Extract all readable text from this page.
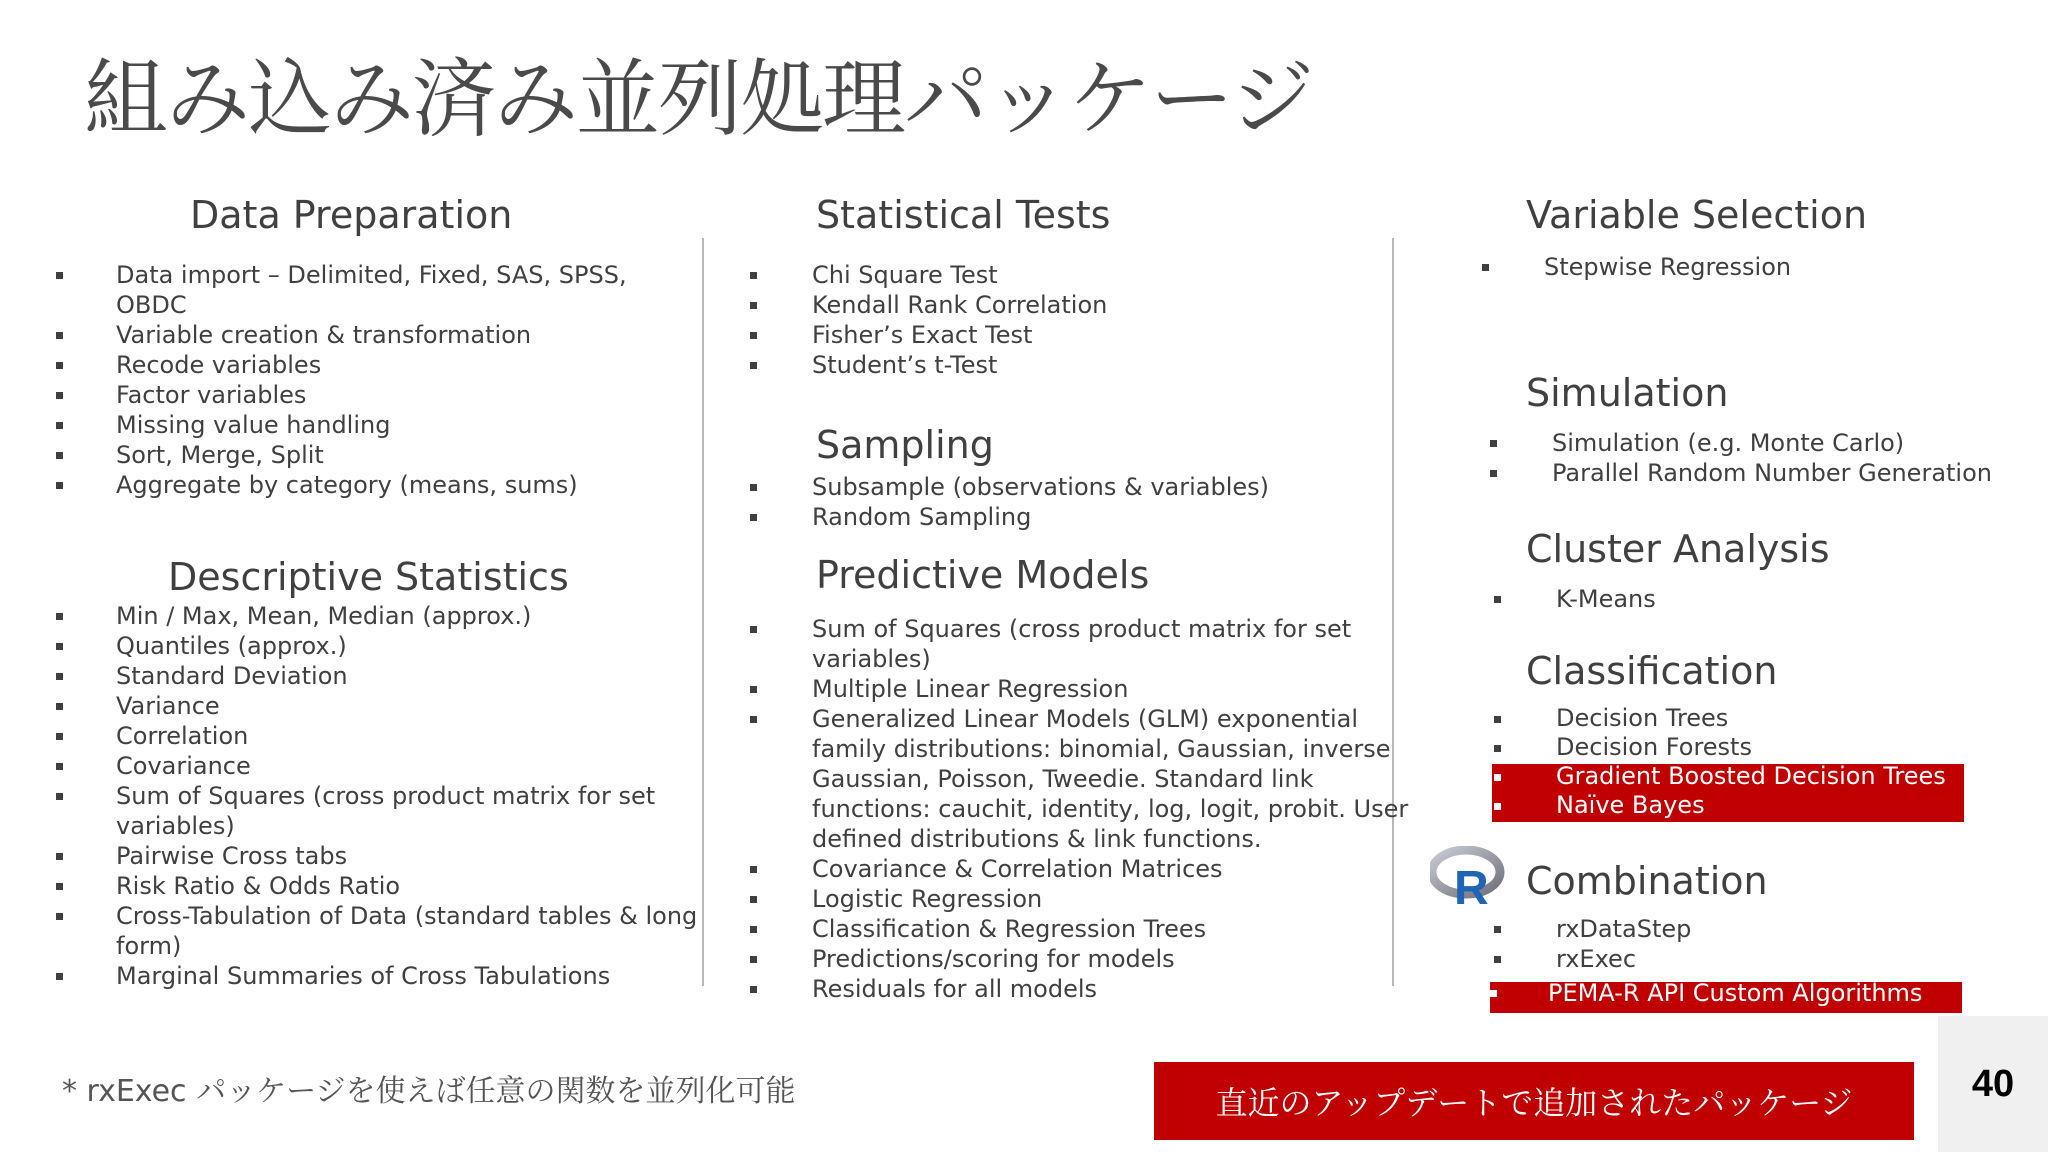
組み込み済み並列処理パッケージ
Data Preparation
Data import – Delimited, Fixed, SAS, SPSS,
OBDC
Variable creation & transformation
Recode variables
Factor variables
Missing value handling
Sort, Merge, Split
Aggregate by category (means, sums)
Descriptive Statistics
Min / Max, Mean, Median (approx.)
Quantiles (approx.)
Standard Deviation
Variance
Correlation
Covariance
Sum of Squares (cross product matrix for set
variables)
Pairwise Cross tabs
Risk Ratio & Odds Ratio
Cross-Tabulation of Data (standard tables & long
form)
Marginal Summaries of Cross Tabulations
Statistical Tests
Chi Square Test
Kendall Rank Correlation
Fisher’s Exact Test
Student’s t-Test
Sampling
Subsample (observations & variables)
Random Sampling
Predictive Models
Sum of Squares (cross product matrix for set
variables)
Multiple Linear Regression
Generalized Linear Models (GLM) exponential
family distributions: binomial, Gaussian, inverse
Gaussian, Poisson, Tweedie. Standard link
functions: cauchit, identity, log, logit, probit. User
defined distributions & link functions.
Covariance & Correlation Matrices
Logistic Regression
Classification & Regression Trees
Predictions/scoring for models
Residuals for all models
Variable Selection
Stepwise Regression
Simulation
Simulation (e.g. Monte Carlo)
Parallel Random Number Generation
Cluster Analysis
K-Means
Classification
Decision Trees
Decision Forests
Gradient Boosted Decision Trees
Naïve Bayes
R Combination
rxDataStep
rxExec
PEMA-R API Custom Algorithms
* rxExec パッケージを使えば任意の関数を並列化可能	直近のアップデートで追加されたパッケージ	40
